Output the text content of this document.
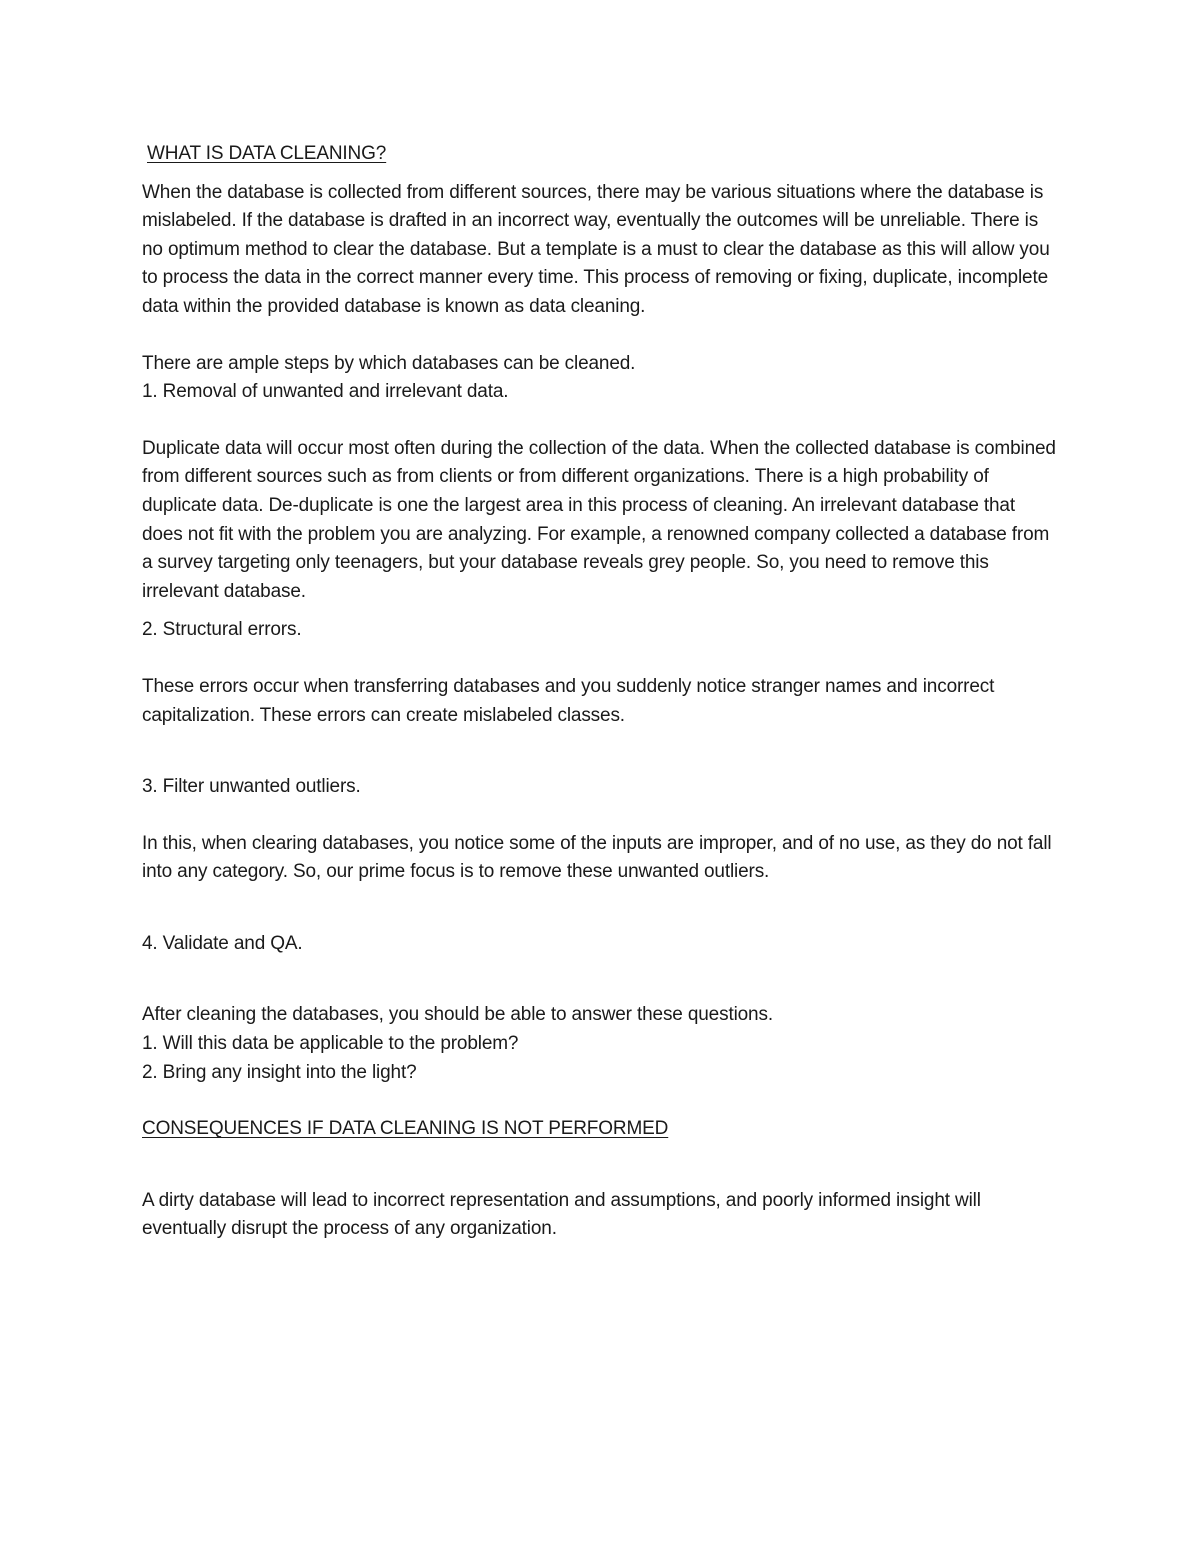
WHAT IS DATA CLEANING?

When the database is collected from different sources, there may be various situations where the database is mislabeled. If the database is drafted in an incorrect way, eventually the outcomes will be unreliable. There is no optimum method to clear the database. But a template is a must to clear the database as this will allow you to process the data in the correct manner every time. This process of removing or fixing, duplicate, incomplete data within the provided database is known as data cleaning.

There are ample steps by which databases can be cleaned.

1. Removal of unwanted and irrelevant data.

Duplicate data will occur most often during the collection of the data. When the collected database is combined from different sources such as from clients or from different organizations. There is a high probability of duplicate data. De-duplicate is one the largest area in this process of cleaning. An irrelevant database that does not fit with the problem you are analyzing. For example, a renowned company collected a database from a survey targeting only teenagers, but your database reveals grey people. So, you need to remove this irrelevant database.

2. Structural errors.

These errors occur when transferring databases and you suddenly notice stranger names and incorrect capitalization. These errors can create mislabeled classes.

3. Filter unwanted outliers.

In this, when clearing databases, you notice some of the inputs are improper, and of no use, as they do not fall into any category. So, our prime focus is to remove these unwanted outliers.

4. Validate and QA.

After cleaning the databases, you should be able to answer these questions.

1. Will this data be applicable to the problem?

2. Bring any insight into the light?

CONSEQUENCES IF DATA CLEANING IS NOT PERFORMED

A dirty database will lead to incorrect representation and assumptions, and poorly informed insight will eventually disrupt the process of any organization.
